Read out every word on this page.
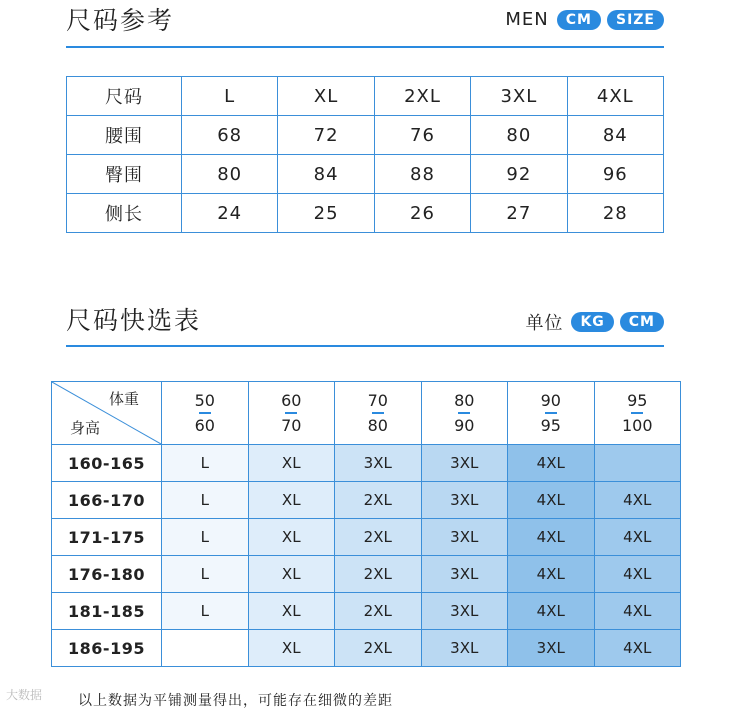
尺码参考	MEN	CM	SIZE
尺码	L	XL	2XL	3XL	4XL
腰围	68	72	76	80	84
臀围	80	84	88	92	96
侧长	24	25	26	27	28
尺码快选表	单位	KG	CM
体重
身高	$\frac{50}{60}$	$\frac{60}{70}$	$\frac{70}{80}$	$\frac{80}{90}$	$\frac{90}{95}$	$\frac{95}{100}$
160-165	L	XL	3XL	3XL	4XL	
166-170	L	XL	2XL	3XL	4XL	4XL
171-175	L	XL	2XL	3XL	4XL	4XL
176-180	L	XL	2XL	3XL	4XL	4XL
181-185	L	XL	2XL	3XL	4XL	4XL
186-195		XL	2XL	3XL	3XL	4XL
大数据	以上数据为平铺测量得出，可能存在细微的差距
